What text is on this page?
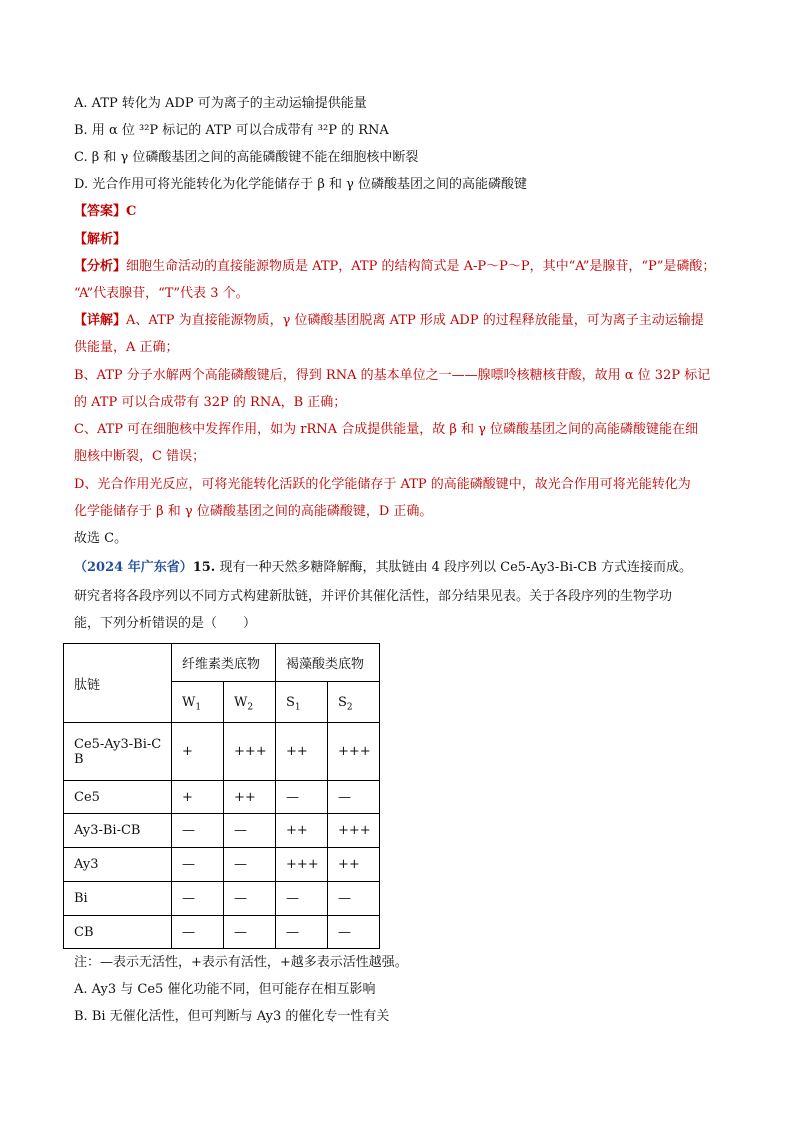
A. ATP 转化为 ADP 可为离子的主动运输提供能量
B. 用 α 位 ³²P 标记的 ATP 可以合成带有 ³²P 的 RNA
C. β 和 γ 位磷酸基团之间的高能磷酸键不能在细胞核中断裂
D. 光合作用可将光能转化为化学能储存于 β 和 γ 位磷酸基团之间的高能磷酸键
【答案】C
【解析】
【分析】细胞生命活动的直接能源物质是 ATP，ATP 的结构简式是 A-P～P～P，其中“A”是腺苷，“P”是磷酸；
“A”代表腺苷，“T”代表 3 个。
【详解】A、ATP 为直接能源物质，γ 位磷酸基团脱离 ATP 形成 ADP 的过程释放能量，可为离子主动运输提
供能量，A 正确；
B、ATP 分子水解两个高能磷酸键后，得到 RNA 的基本单位之一——腺嘌呤核糖核苷酸，故用 α 位 32P 标记
的 ATP 可以合成带有 32P 的 RNA，B 正确；
C、ATP 可在细胞核中发挥作用，如为 rRNA 合成提供能量，故 β 和 γ 位磷酸基团之间的高能磷酸键能在细
胞核中断裂，C 错误；
D、光合作用光反应，可将光能转化活跃的化学能储存于 ATP 的高能磷酸键中，故光合作用可将光能转化为
化学能储存于 β 和 γ 位磷酸基团之间的高能磷酸键，D 正确。
故选 C。
（2024 年广东省）15. 现有一种天然多糖降解酶，其肽链由 4 段序列以 Ce5-Ay3-Bi-CB 方式连接而成。
研究者将各段序列以不同方式构建新肽链，并评价其催化活性，部分结果见表。关于各段序列的生物学功
能，下列分析错误的是（　　）
肽链	纤维素类底物		褐藻酸类底物	
	$W_1$	$W_2$	$S_1$	$S_2$

Ce5-Ay3-Bi-C
B	+	+++	++	+++
Ce5	+	++	—	—
Ay3-Bi-CB	—	—	++	+++
Ay3	—	—	+++	++
Bi	—	—	—	—
CB	—	—	—	—
注：—表示无活性，+表示有活性，+越多表示活性越强。
A. Ay3 与 Ce5 催化功能不同，但可能存在相互影响
B. Bi 无催化活性，但可判断与 Ay3 的催化专一性有关
